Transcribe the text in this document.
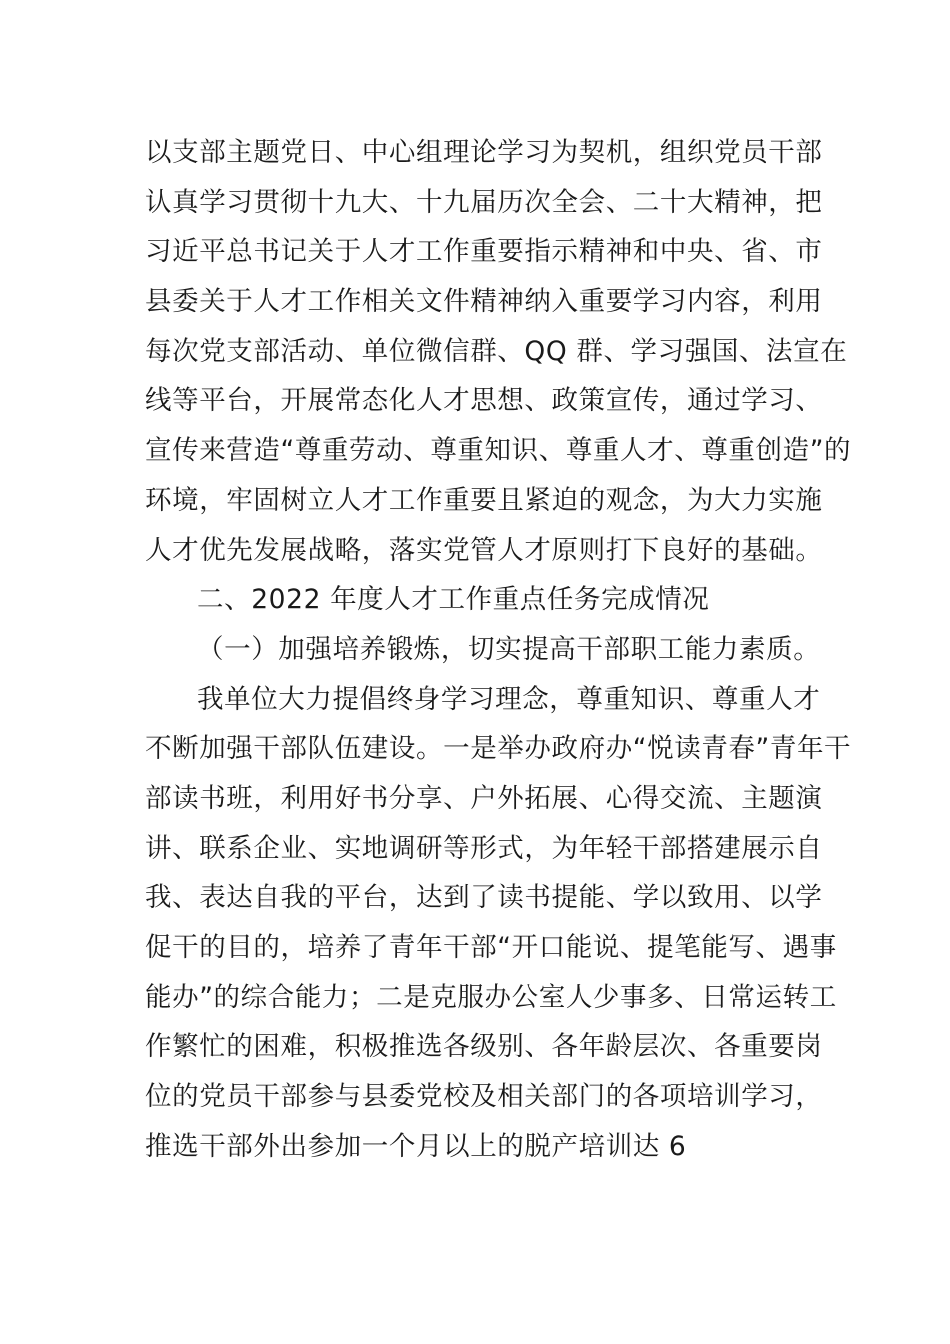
以支部主题党日、中心组理论学习为契机，组织党员干部
认真学习贯彻十九大、十九届历次全会、二十大精神，把
习近平总书记关于人才工作重要指示精神和中央、省、市
县委关于人才工作相关文件精神纳入重要学习内容，利用
每次党支部活动、单位微信群、QQ 群、学习强国、法宣在
线等平台，开展常态化人才思想、政策宣传，通过学习、
宣传来营造“尊重劳动、尊重知识、尊重人才、尊重创造”的
环境，牢固树立人才工作重要且紧迫的观念，为大力实施
人才优先发展战略，落实党管人才原则打下良好的基础。
二、2022 年度人才工作重点任务完成情况
（一）加强培养锻炼，切实提高干部职工能力素质。
我单位大力提倡终身学习理念，尊重知识、尊重人才
不断加强干部队伍建设。一是举办政府办“悦读青春”青年干
部读书班，利用好书分享、户外拓展、心得交流、主题演
讲、联系企业、实地调研等形式，为年轻干部搭建展示自
我、表达自我的平台，达到了读书提能、学以致用、以学
促干的目的，培养了青年干部“开口能说、提笔能写、遇事
能办”的综合能力；二是克服办公室人少事多、日常运转工
作繁忙的困难，积极推选各级别、各年龄层次、各重要岗
位的党员干部参与县委党校及相关部门的各项培训学习，
推选干部外出参加一个月以上的脱产培训达 6
